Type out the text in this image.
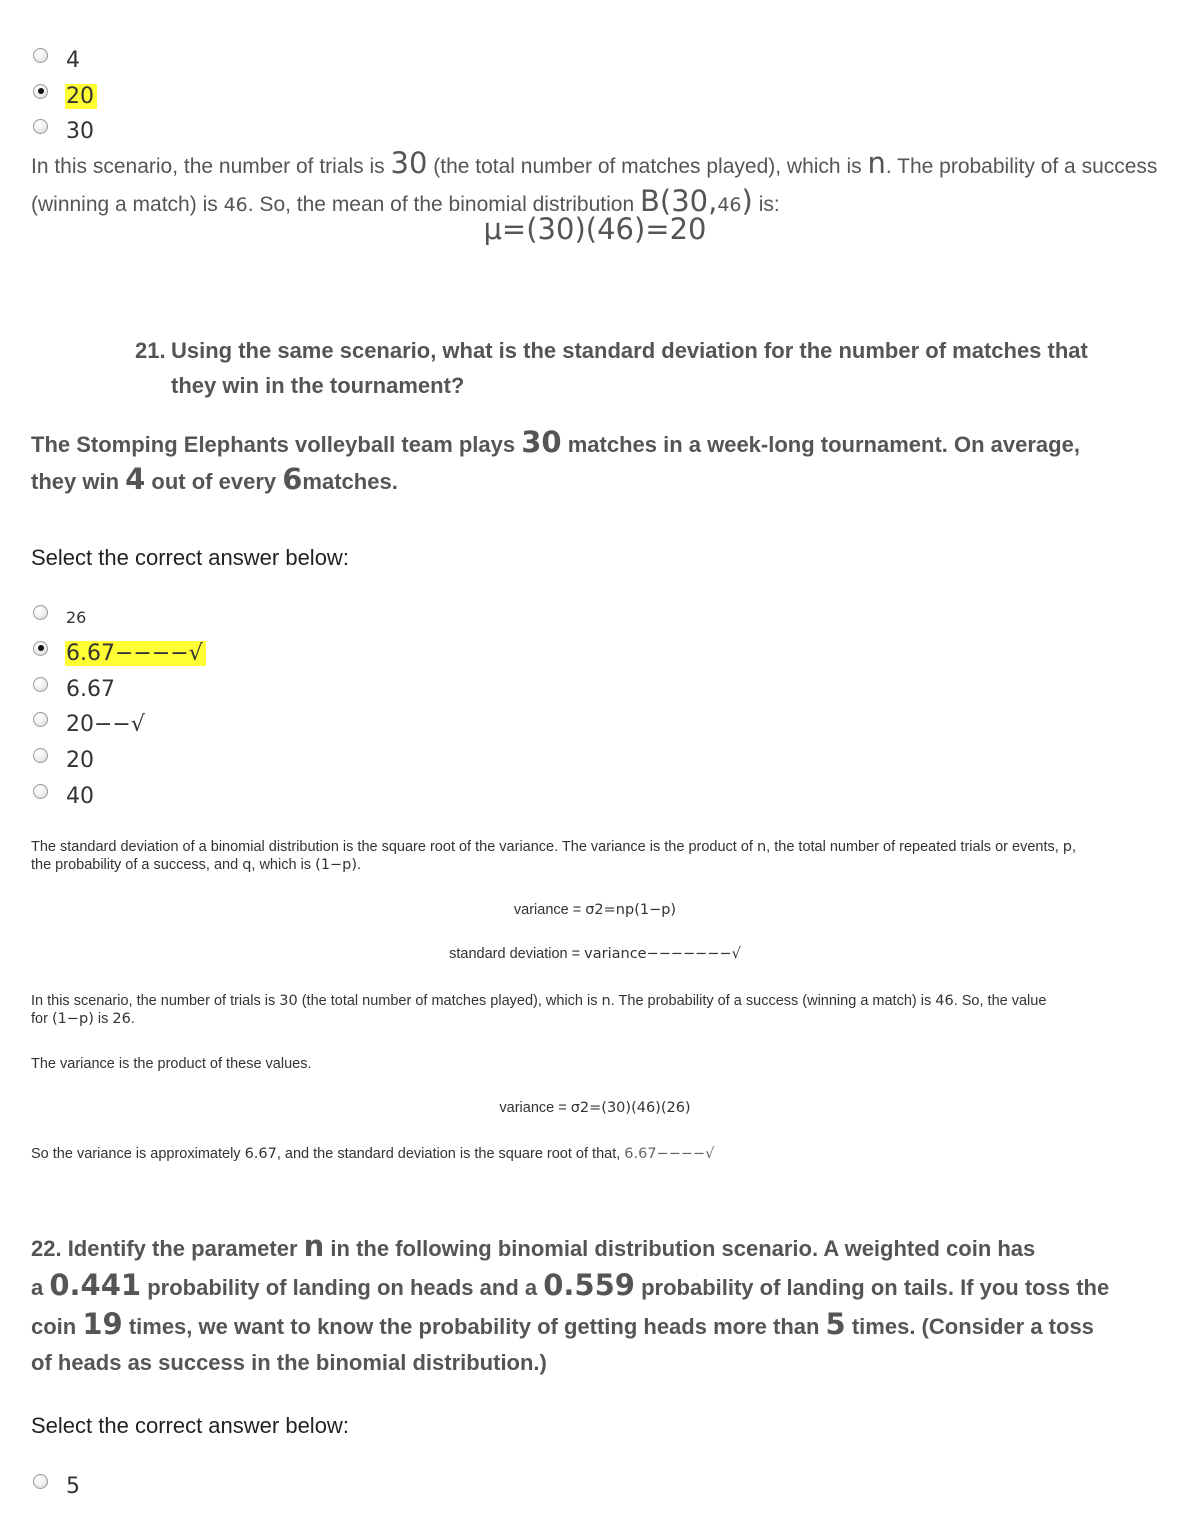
4
20
30
In this scenario, the number of trials is 30 (the total number of matches played), which is n. The probability of a success (winning a match) is 46. So, the mean of the binomial distribution B(30,46) is:
μ=(30)(46)=20
21. Using the same scenario, what is the standard deviation for the number of matches that
they win in the tournament?
The Stomping Elephants volleyball team plays 30 matches in a week-long tournament. On average,
they win 4 out of every 6matches.
Select the correct answer below:
26
6.67−−−−√
6.67
20−−√
20
40
The standard deviation of a binomial distribution is the square root of the variance. The variance is the product of n, the total number of repeated trials or events, p,
the probability of a success, and q, which is (1−p).
variance = σ2=np(1−p)
standard deviation = variance−−−−−−−√
In this scenario, the number of trials is 30 (the total number of matches played), which is n. The probability of a success (winning a match) is 46. So, the value
for (1−p) is 26.
The variance is the product of these values.
variance = σ2=(30)(46)(26)
So the variance is approximately 6.67, and the standard deviation is the square root of that, 6.67−−−−√
22. Identify the parameter n in the following binomial distribution scenario. A weighted coin has
a 0.441 probability of landing on heads and a 0.559 probability of landing on tails. If you toss the
coin 19 times, we want to know the probability of getting heads more than 5 times. (Consider a toss
of heads as success in the binomial distribution.)
Select the correct answer below:
5
